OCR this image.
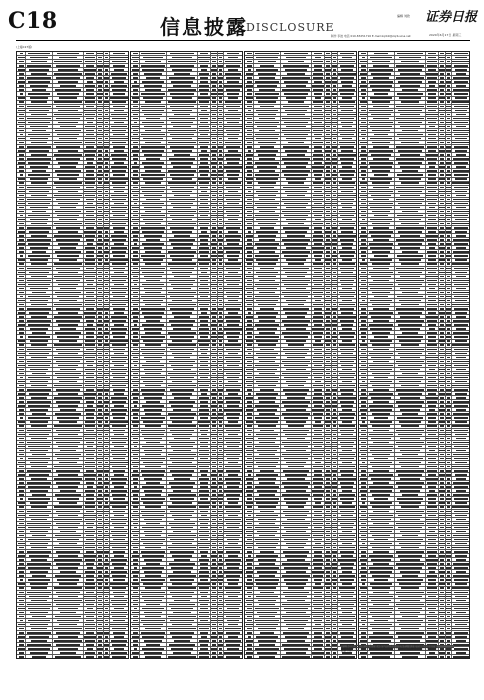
C18	信息披露
DISCLOSURE
证券日报
编辑 刘欣
制作 李波 电话 010-83251716 E-mail:zqrb9@zqrb.sina.net	2020年6月17日 星期三
(上接C17版)
特此公告。
